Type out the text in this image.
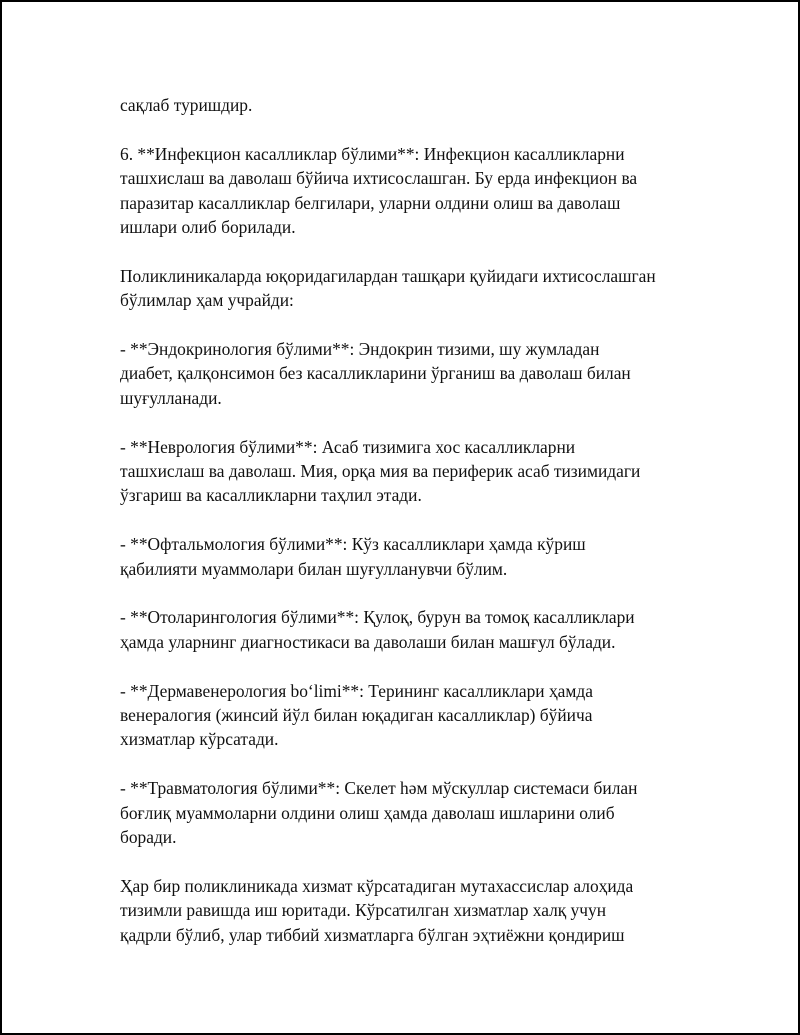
сақлаб туришдир.

6. **Инфекцион касалликлар бўлими**: Инфекцион касалликларни
ташхислаш ва даволаш бўйича ихтисослашган. Бу ерда инфекцион ва
паразитар касалликлар белгилари, уларни олдини олиш ва даволаш
ишлари олиб борилади.

Поликлиникаларда юқоридагилардан ташқари қуйидаги ихтисослашган
бўлимлар ҳам учрайди:

- **Эндокринология бўлими**: Эндокрин тизими, шу жумладан
диабет, қалқонсимон без касалликларини ўрганиш ва даволаш билан
шуғулланади.

- **Неврология бўлими**: Асаб тизимига хос касалликларни
ташхислаш ва даволаш. Мия, орқа мия ва периферик асаб тизимидаги
ўзгариш ва касалликларни таҳлил этади.

- **Офтальмология бўлими**: Кўз касалликлари ҳамда кўриш
қабилияти муаммолари билан шуғулланувчи бўлим.

- **Отоларингология бўлими**: Қулоқ, бурун ва томоқ касалликлари
ҳамда уларнинг диагностикаси ва даволаши билан машғул бўлади.

- **Дермавенерология bo‘limi**: Терининг касалликлари ҳамда
венералогия (жинсий йўл билан юқадиган касалликлар) бўйича
хизматлар кўрсатади.

- **Травматология бўлими**: Скелет һәм мўскуллар системаси билан
боғлиқ муаммоларни олдини олиш ҳамда даволаш ишларини олиб
боради.

Ҳар бир поликлиникада хизмат кўрсатадиган мутахассислар алоҳида
тизимли равишда иш юритади. Кўрсатилган хизматлар халқ учун
қадрли бўлиб, улар тиббий хизматларга бўлган эҳтиёжни қондириш
